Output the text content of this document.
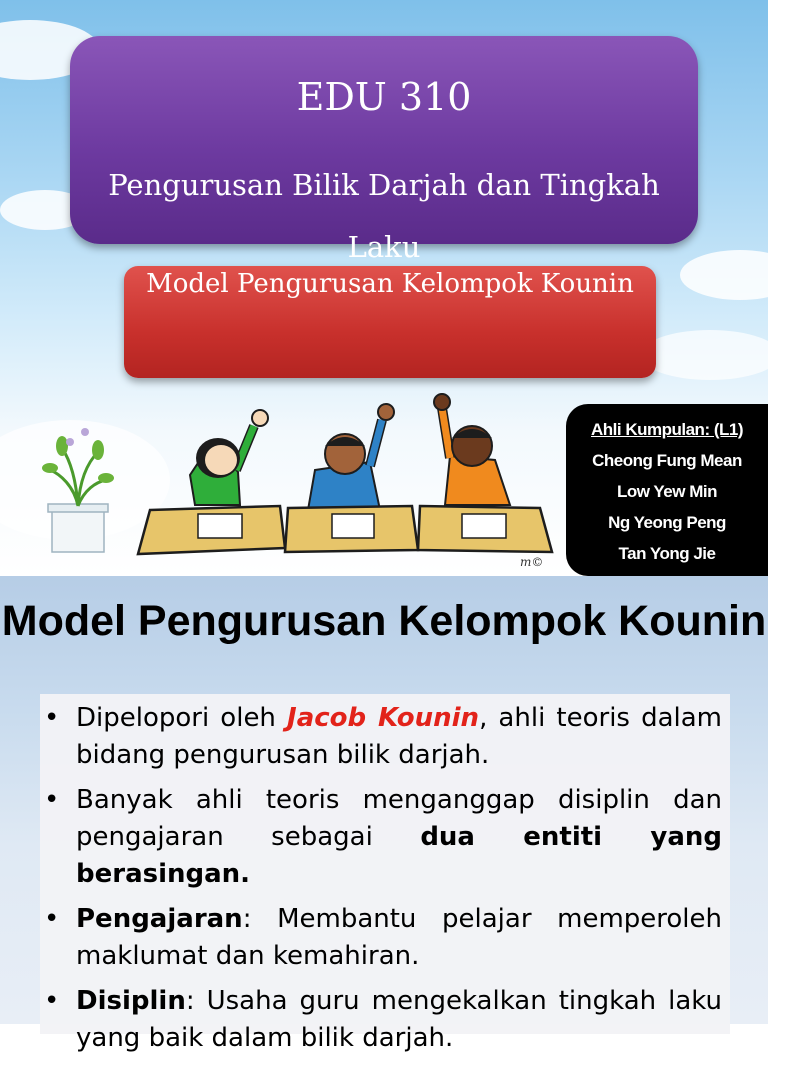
EDU 310
Pengurusan Bilik Darjah dan Tingkah Laku
Model Pengurusan Kelompok Kounin
m©
Ahli Kumpulan: (L1)
Cheong Fung Mean
Low Yew Min
Ng Yeong Peng
Tan Yong Jie
Model Pengurusan Kelompok Kounin
• Dipelopori oleh Jacob Kounin, ahli teoris dalam bidang pengurusan bilik darjah.
• Banyak ahli teoris menganggap disiplin dan pengajaran sebagai dua entiti yang berasingan.
• Pengajaran: Membantu pelajar memperoleh maklumat dan kemahiran.
• Disiplin: Usaha guru mengekalkan tingkah laku yang baik dalam bilik darjah.
